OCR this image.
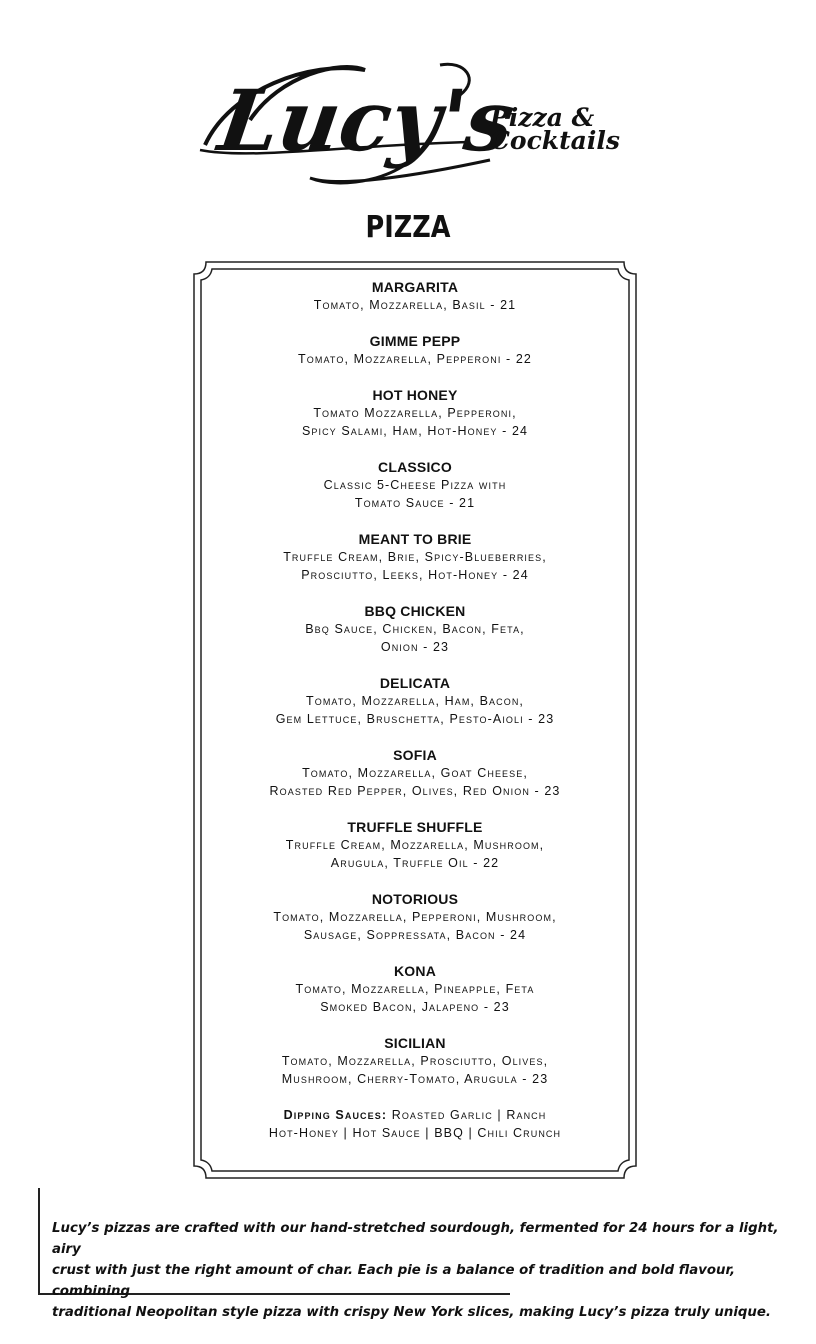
Lucy's
Pizza &
Cocktails
PIZZA
MARGARITA
Tomato, Mozzarella, Basil - 21
GIMME PEPP
Tomato, Mozzarella, Pepperoni - 22
HOT HONEY
Tomato Mozzarella, Pepperoni,
Spicy Salami, Ham, Hot-Honey - 24
CLASSICO
Classic 5-Cheese Pizza with
Tomato Sauce - 21
MEANT TO BRIE
Truffle Cream, Brie, Spicy-Blueberries,
Prosciutto, Leeks, Hot-Honey - 24
BBQ CHICKEN
Bbq Sauce, Chicken, Bacon, Feta,
Onion - 23
DELICATA
Tomato, Mozzarella, Ham, Bacon,
Gem Lettuce, Bruschetta, Pesto-Aioli - 23
SOFIA
Tomato, Mozzarella, Goat Cheese,
Roasted Red Pepper, Olives, Red Onion - 23
TRUFFLE SHUFFLE
Truffle Cream, Mozzarella, Mushroom,
Arugula, Truffle Oil - 22
NOTORIOUS
Tomato, Mozzarella, Pepperoni, Mushroom,
Sausage, Soppressata, Bacon - 24
KONA
Tomato, Mozzarella, Pineapple, Feta
Smoked Bacon, Jalapeno - 23
SICILIAN
Tomato, Mozzarella, Prosciutto, Olives,
Mushroom, Cherry-Tomato, Arugula - 23
Dipping Sauces: Roasted Garlic | Ranch
Hot-Honey | Hot Sauce | BBQ | Chili Crunch
Lucy’s pizzas are crafted with our hand-stretched sourdough, fermented for 24 hours for a light, airy
crust with just the right amount of char. Each pie is a balance of tradition and bold flavour, combining
traditional Neopolitan style pizza with crispy New York slices, making Lucy’s pizza truly unique.
